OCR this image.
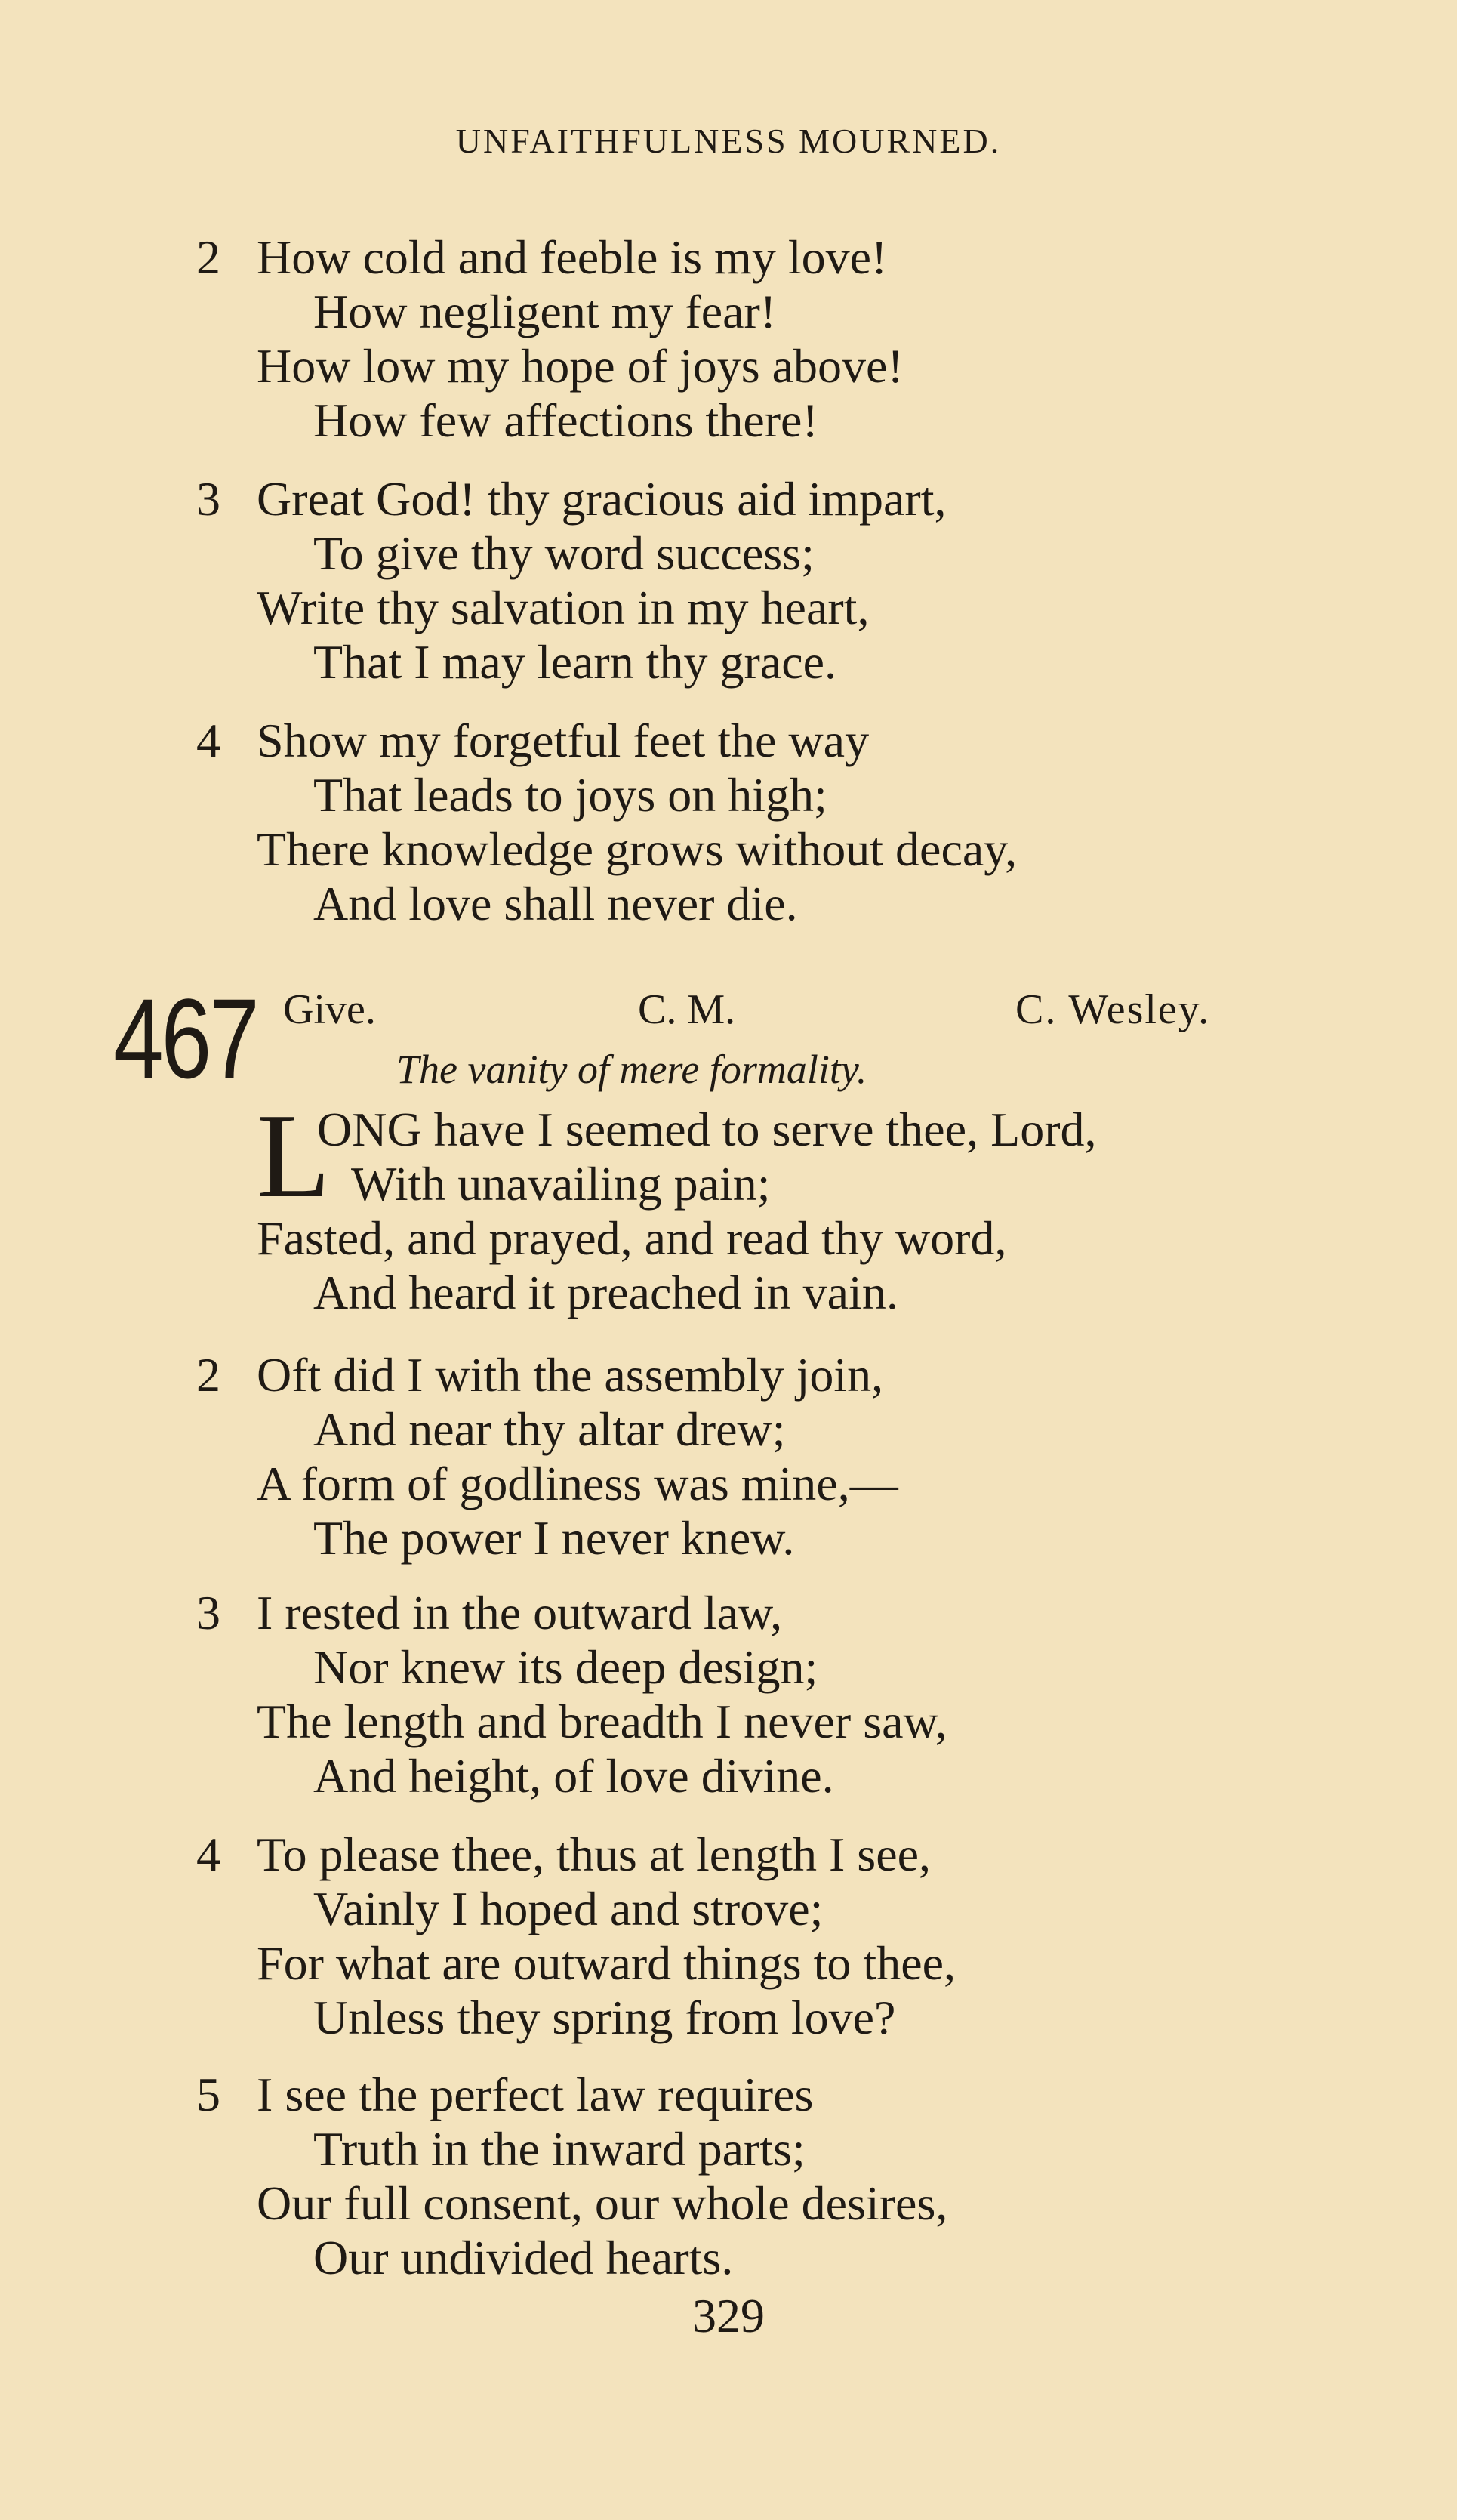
UNFAITHFULNESS MOURNED.
2 How cold and feeble is my love!
How negligent my fear!
How low my hope of joys above!
How few affections there!
3 Great God! thy gracious aid impart,
To give thy word success;
Write thy salvation in my heart,
That I may learn thy grace.
4 Show my forgetful feet the way
That leads to joys on high;
There knowledge grows without decay,
And love shall never die.
467 Give.	C. M.	C. Wesley.
The vanity of mere formality.
L
ONG have I seemed to serve thee, Lord,
With unavailing pain;
Fasted, and prayed, and read thy word,
And heard it preached in vain.
2 Oft did I with the assembly join,
And near thy altar drew;
A form of godliness was mine,—
The power I never knew.
3 I rested in the outward law,
Nor knew its deep design;
The length and breadth I never saw,
And height, of love divine.
4 To please thee, thus at length I see,
Vainly I hoped and strove;
For what are outward things to thee,
Unless they spring from love?
5 I see the perfect law requires
Truth in the inward parts;
Our full consent, our whole desires,
Our undivided hearts.
329
